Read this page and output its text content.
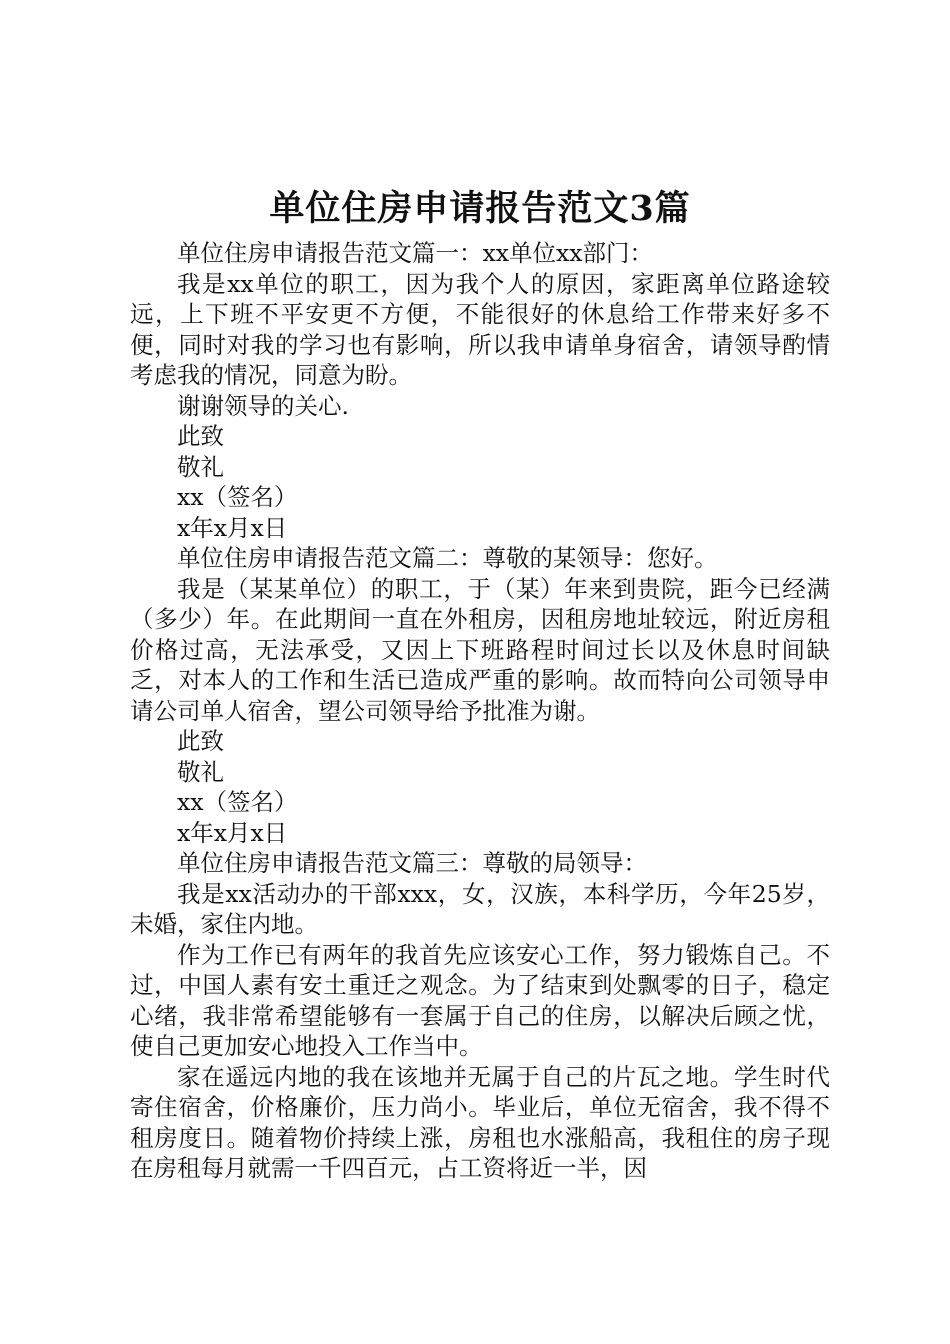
单位住房申请报告范文3篇

单位住房申请报告范文篇一：xx单位xx部门：

我是xx单位的职工，因为我个人的原因，家距离单位路途较远，上下班不平安更不方便，不能很好的休息给工作带来好多不便，同时对我的学习也有影响，所以我申请单身宿舍，请领导酌情考虑我的情况，同意为盼。

谢谢领导的关心.

此致

敬礼

xx（签名）

x年x月x日

单位住房申请报告范文篇二：尊敬的某领导：您好。

我是（某某单位）的职工，于（某）年来到贵院，距今已经满（多少）年。在此期间一直在外租房，因租房地址较远，附近房租价格过高，无法承受，又因上下班路程时间过长以及休息时间缺乏，对本人的工作和生活已造成严重的影响。故而特向公司领导申请公司单人宿舍，望公司领导给予批准为谢。

此致

敬礼

xx（签名）

x年x月x日

单位住房申请报告范文篇三：尊敬的局领导：

我是xx活动办的干部xxx，女，汉族，本科学历，今年25岁，未婚，家住内地。

作为工作已有两年的我首先应该安心工作，努力锻炼自己。不过，中国人素有安土重迁之观念。为了结束到处飘零的日子，稳定心绪，我非常希望能够有一套属于自己的住房，以解决后顾之忧，使自己更加安心地投入工作当中。

家在遥远内地的我在该地并无属于自己的片瓦之地。学生时代寄住宿舍，价格廉价，压力尚小。毕业后，单位无宿舍，我不得不租房度日。随着物价持续上涨，房租也水涨船高，我租住的房子现在房租每月就需一千四百元，占工资将近一半，因
